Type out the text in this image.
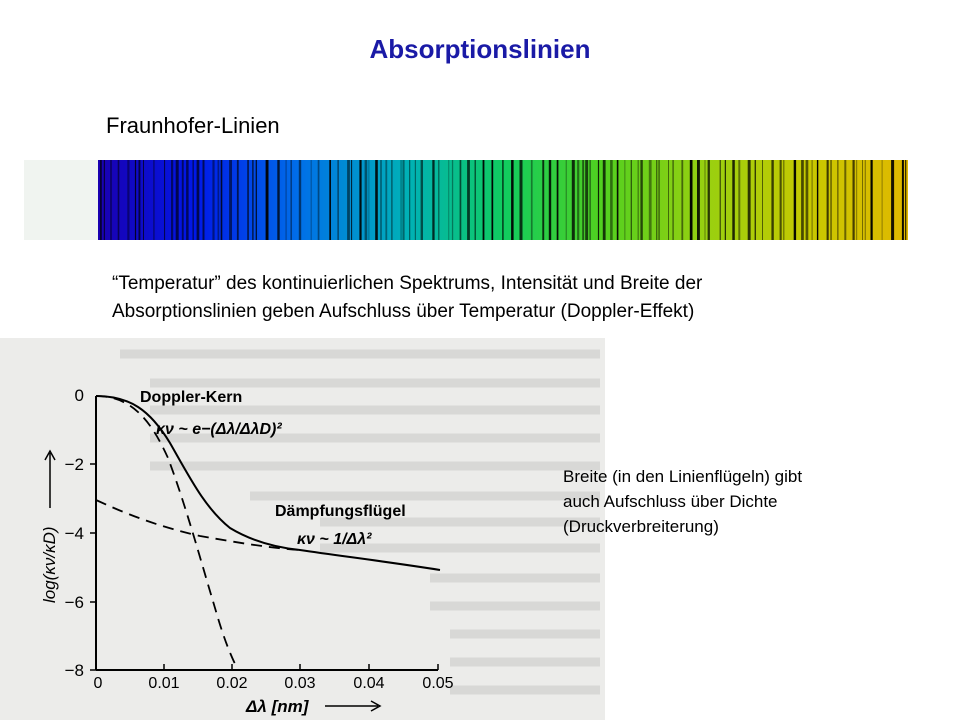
Absorptionslinien
Fraunhofer-Linien
“Temperatur” des kontinuierlichen Spektrums, Intensität und Breite der
Absorptionslinien geben Aufschluss über Temperatur (Doppler-Effekt)
0
−2
−4
−6
−8
0	0.01 0.02 0.03 0.04 0.05
log(κν/κD)
Δλ [nm]
Doppler-Kern
κν ~ e−(Δλ/ΔλD)²
Dämpfungsflügel
κν ~ 1/Δλ²
Breite (in den Linienflügeln) gibt
auch Aufschluss über Dichte
(Druckverbreiterung)
